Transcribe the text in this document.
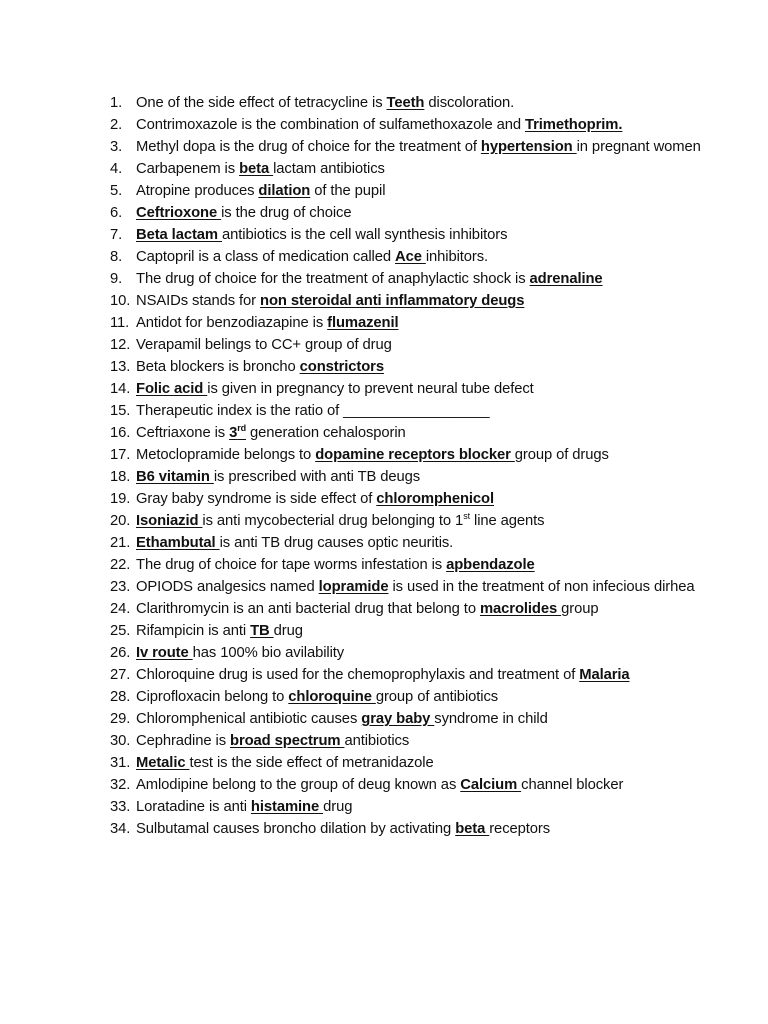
1. One of the side effect of tetracycline is Teeth discoloration.
2. Contrimoxazole is the combination of sulfamethoxazole and Trimethoprim.
3. Methyl dopa is the drug of choice for the treatment of hypertension in pregnant women
4. Carbapenem is beta lactam antibiotics
5. Atropine produces dilation of the pupil
6. Ceftrioxone is the drug of choice
7. Beta lactam antibiotics is the cell wall synthesis inhibitors
8. Captopril is a class of medication called Ace inhibitors.
9. The drug of choice for the treatment of anaphylactic shock is adrenaline
10. NSAIDs stands for non steroidal anti inflammatory deugs
11. Antidot for benzodiazapine is flumazenil
12. Verapamil belings to CC+ group of drug
13. Beta blockers is broncho constrictors
14. Folic acid is given in pregnancy to prevent neural tube defect
15. Therapeutic index is the ratio of __________________
16. Ceftriaxone is 3rd generation cehalosporin
17. Metoclopramide belongs to dopamine receptors blocker group of drugs
18. B6 vitamin is prescribed with anti TB deugs
19. Gray baby syndrome is side effect of chloromphenicol
20. Isoniazid is anti mycobecterial drug belonging to 1st line agents
21. Ethambutal is anti TB drug causes optic neuritis.
22. The drug of choice for tape worms infestation is apbendazole
23. OPIODS analgesics named lopramide is used in the treatment of non infecious dirhea
24. Clarithromycin is an anti bacterial drug that belong to macrolides group
25. Rifampicin is anti TB drug
26. Iv route has 100% bio avilability
27. Chloroquine drug is used for the chemoprophylaxis and treatment of Malaria
28. Ciprofloxacin belong to chloroquine group of antibiotics
29. Chloromphenical antibiotic causes gray baby syndrome in child
30. Cephradine is broad spectrum antibiotics
31. Metalic test is the side effect of metranidazole
32. Amlodipine belong to the group of deug known as Calcium channel blocker
33. Loratadine is anti histamine drug
34. Sulbutamal causes broncho dilation by activating beta receptors
